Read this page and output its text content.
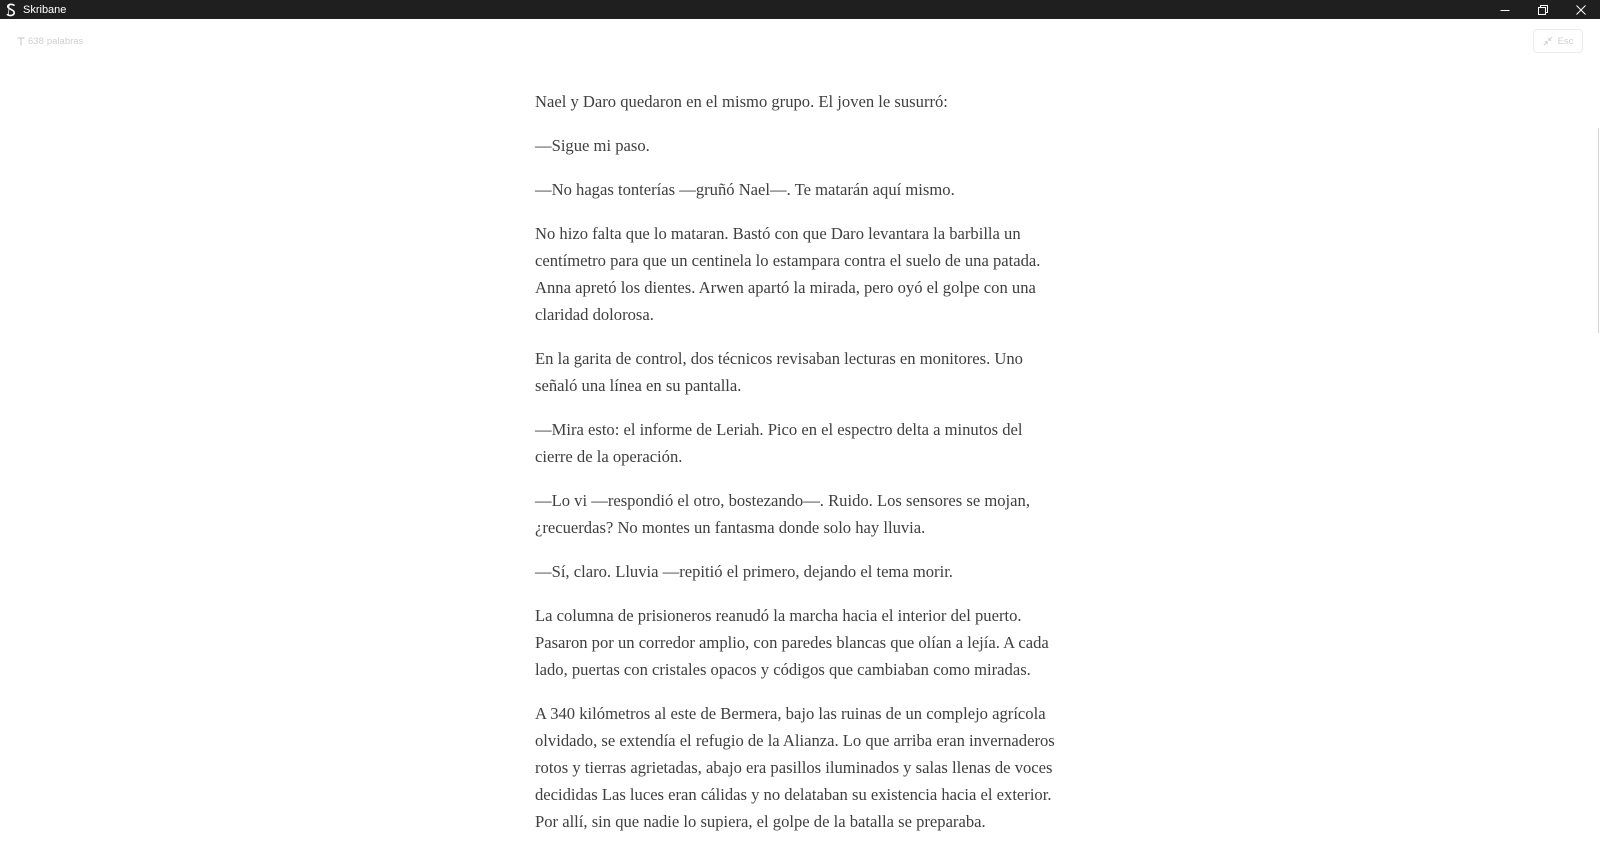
Skribane
638 palabras	Esc

Nael y Daro quedaron en el mismo grupo. El joven le susurró:

—Sigue mi paso.

—No hagas tonterías —gruñó Nael—. Te matarán aquí mismo.

No hizo falta que lo mataran. Bastó con que Daro levantara la barbilla un centímetro para que un centinela lo estampara contra el suelo de una patada. Anna apretó los dientes. Arwen apartó la mirada, pero oyó el golpe con una claridad dolorosa.

En la garita de control, dos técnicos revisaban lecturas en monitores. Uno señaló una línea en su pantalla.

—Mira esto: el informe de Leriah. Pico en el espectro delta a minutos del cierre de la operación.

—Lo vi —respondió el otro, bostezando—. Ruido. Los sensores se mojan, ¿recuerdas? No montes un fantasma donde solo hay lluvia.

—Sí, claro. Lluvia —repitió el primero, dejando el tema morir.

La columna de prisioneros reanudó la marcha hacia el interior del puerto. Pasaron por un corredor amplio, con paredes blancas que olían a lejía. A cada lado, puertas con cristales opacos y códigos que cambiaban como miradas.

A 340 kilómetros al este de Bermera, bajo las ruinas de un complejo agrícola olvidado, se extendía el refugio de la Alianza. Lo que arriba eran invernaderos rotos y tierras agrietadas, abajo era pasillos iluminados y salas llenas de voces decididas Las luces eran cálidas y no delataban su existencia hacia el exterior. Por allí, sin que nadie lo supiera, el golpe de la batalla se preparaba.
